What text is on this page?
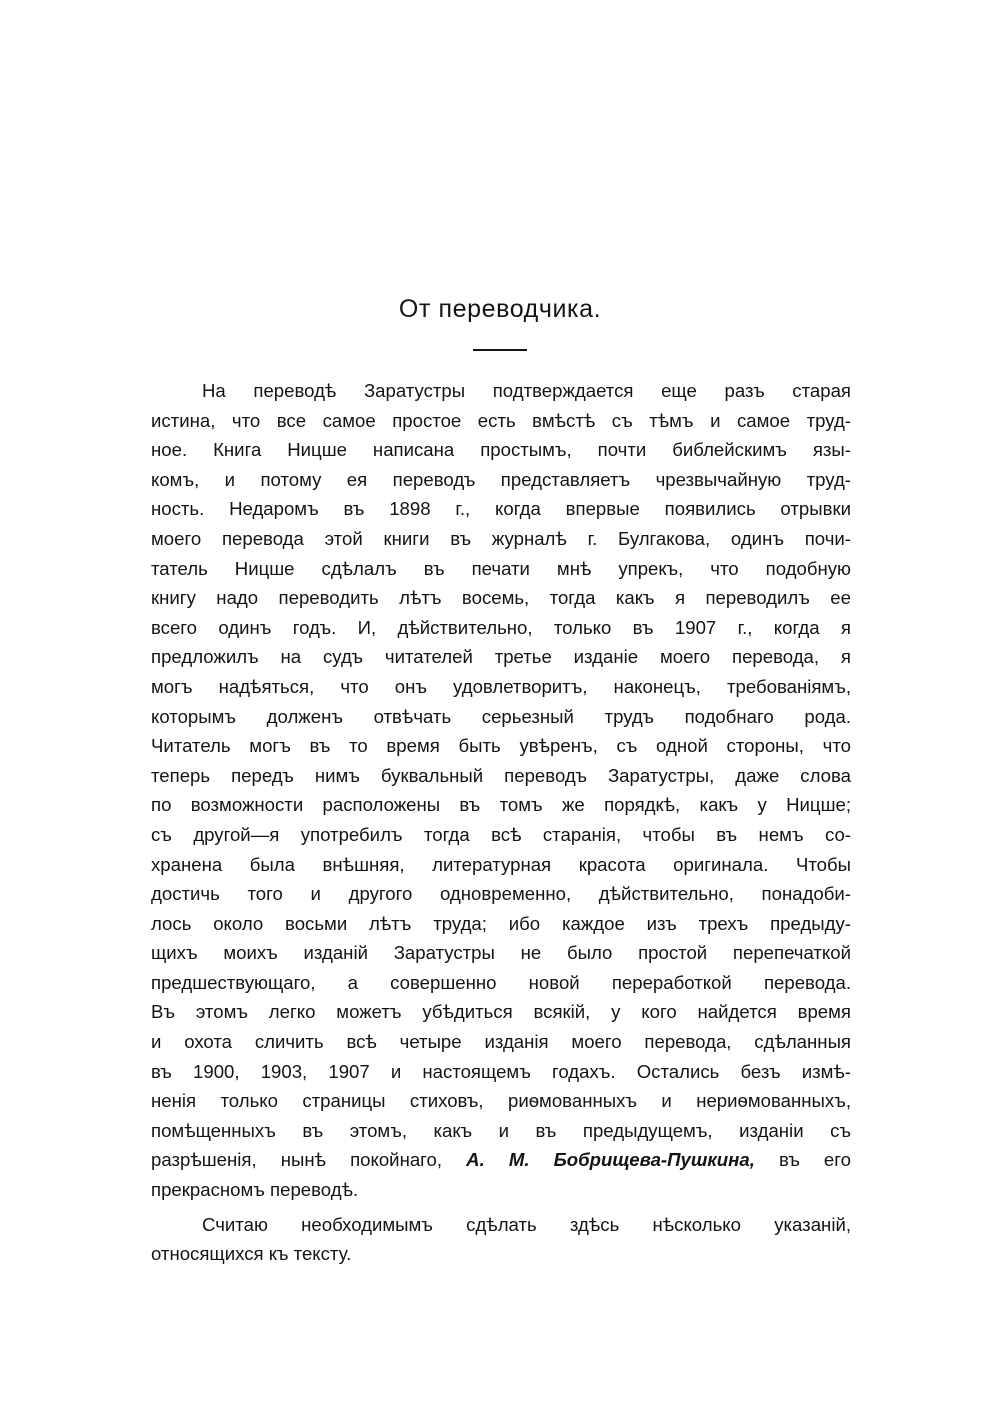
От переводчика.
На переводѣ Заратустры подтверждается еще разъ старая
истина, что все самое простое есть вмѣстѣ съ тѣмъ и самое труд-
ное. Книга Ницше написана простымъ, почти библейскимъ язы-
комъ, и потому ея переводъ представляетъ чрезвычайную труд-
ность. Недаромъ въ 1898 г., когда впервые появились отрывки
моего перевода этой книги въ журналѣ г. Булгакова, одинъ почи-
татель Ницше сдѣлалъ въ печати мнѣ упрекъ, что подобную
книгу надо переводить лѣтъ восемь, тогда какъ я переводилъ ее
всего одинъ годъ. И, дѣйствительно, только въ 1907 г., когда я
предложилъ на судъ читателей третье изданіе моего перевода, я
могъ надѣяться, что онъ удовлетворитъ, наконецъ, требованіямъ,
которымъ долженъ отвѣчать серьезный трудъ подобнаго рода.
Читатель могъ въ то время быть увѣренъ, съ одной стороны, что
теперь передъ нимъ буквальный переводъ Заратустры, даже слова
по возможности расположены въ томъ же порядкѣ, какъ у Ницше;
съ другой—я употребилъ тогда всѣ старанія, чтобы въ немъ со-
хранена была внѣшняя, литературная красота оригинала. Чтобы
достичь того и другого одновременно, дѣйствительно, понадоби-
лось около восьми лѣтъ труда; ибо каждое изъ трехъ предыду-
щихъ моихъ изданій Заратустры не было простой перепечаткой
предшествующаго, а совершенно новой переработкой перевода.
Въ этомъ легко можетъ убѣдиться всякій, у кого найдется время
и охота сличить всѣ четыре изданія моего перевода, сдѣланныя
въ 1900, 1903, 1907 и настоящемъ годахъ. Остались безъ измѣ-
ненія только страницы стиховъ, риѳмованныхъ и нериѳмованныхъ,
помѣщенныхъ въ этомъ, какъ и въ предыдущемъ, изданіи съ
разрѣшенія, нынѣ покойнаго, А. М. Бобрищева-Пушкина, въ его
прекрасномъ переводѣ.
Считаю необходимымъ сдѣлать здѣсь нѣсколько указаній,
относящихся къ тексту.
